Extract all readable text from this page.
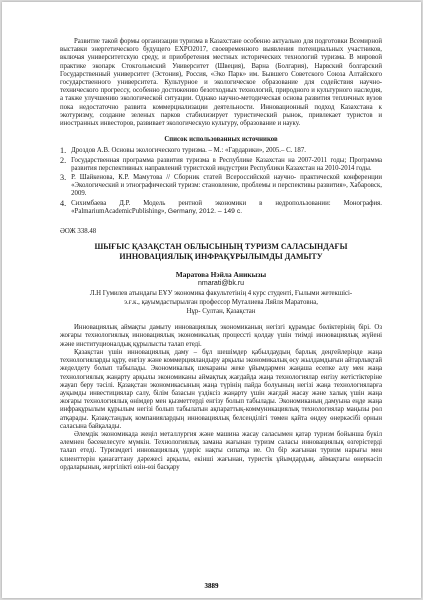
Развитие такой формы организации туризма в Казахстане особенно актуально для подготовки Всемирной выставки энергетического будущего EXPO2017, своевременного выявления потенциальных участников, включая университетскую среду, и приобретения местных исторических технологий туризма. В мировой практике экопарк Стокгольмский Университет (Швеция), Варна (Болгария), Нарвский болгарский Государственный университет (Эстония), Россия, «Эко Парк» им. Бывшего Советского Союза Алтайского государственного университета. Культурное и экологическое образование для содействия научно-технического прогрессу, особенно достижению безотходных технологий, природного и культурного наследия, а также улучшению экологической ситуации. Однако научно-методическая основа развития тепличных вузов пока недостаточно развита коммерциализации деятельности. Инновационный подход Казахстана к экотуризму, создание зеленых парков стабилизирует туристический рынок, привлекает туристов и иностранных инвесторов, развивает экологическую культуру, образование и науку.

Список использованных источников
1. Дроздов А.В. Основы экологического туризма. – М.: «Гардарики», 2005.– С. 187.
2. Государственная программа развития туризма в Республике Казахстан на 2007-2011 годы; Программа развития перспективных направлений туристской индустрии Республики Казахстан на 2010-2014 годы.
3. Р. Шайкенова, К.Р. Мамутова // Сборник статей Всероссийской научно- практической конференции «Экологический и этнографический туризм: становление, проблемы и перспективы развития», Хабаровск, 2009.
4. Сихимбаева Д.Р. Модель рентной экономики в недропользовании: Монография. «PalmariumAcademicPublishing», Germany, 2012. – 149 с.
ӘОЖ 338.48
ШЫҒЫС ҚАЗАҚСТАН ОБЛЫСЫНЫҢ ТУРИЗМ САЛАСЫНДАҒЫ
ИННОВАЦИЯЛЫҚ ИНФРАҚҰРЫЛЫМДЫ ДАМЫТУ
Маратова Нэйла Аникызы
nmarati@bk.ru
Л.Н Гумилев атындағы ЕҰУ экономика факультетінің 4 курс студенті, Ғылыми жетекшісі-
э.ғ.к., қауымдастырылған профессор Муталиева Ляйля Маратовна,
Нұр- Султан, Қазақстан

Инновациялық аймақты дамыту инновациялық экономиканың негізгі құрамдас бөліктерінің бірі. Оз жоғары технологиялық инновациялық экономикалық процессті қолдау үшін тиімді инновациялық жүйені және институционалдық құрылысты талап етеді.

Қазақстан үшін инновациялық даму – бұл шешімдер қабылдаудың барлық деңгейлерінде жаңа технологияларды құру, енгізу және коммерцияландыру арқылы экономикалық өсу жылдамдығын айтарлықтай жеделдету болып табылады. Экономикалық шекараны жеке ұйымдармен жаңаша есепке алу мен жаңа технологиялық жаңарту арқылы экономиканы аймақтық жағдайда жаңа технологиялар енгізу жетістіктеріне жауап беру тәсілі. Қазақстан экономикасының жаңа түрінің пайда болуының негізі жаңа технологияларға ауқымды инвестициялар салу, білім базасын үздіксіз жаңарту үшін жағдай жасау және халық үшін жаңа жоғары технологиялық өнімдер мен қызметтерді енгізу болып табылады. Экономиканың дамуына еңде жаңа инфрақұрылым құрылым негізі болып табылатын ақпараттық-коммуникациялық технологиялар маңызы рөл атқарады. Қазақстандық компаниялардың инновациялық белсенділігі төмен қайта өндеу өнеркәсібі орнын саласына байқалады.

Әлемдік экономикада жеңіл металлургия және машина жасау саласымен қатар туризм бойынша бүкіл әлемнен бәсекелесуге мүмкін. Технологиялық замана жағынан туризм саласы инновациялық өзгерістерді талап етеді. Туризмдегі инновациялық үдеріс нақты сипатқа ие. Ол бір жағынан туризм нарығы мен клиенттерін қанағаттану дәрежесі арқылы, екінші жағынан, туристік ұйымдардың, аймақтағы өнеркәсіп ордаларының, жергілікті өзін-өзі басқару

3889
